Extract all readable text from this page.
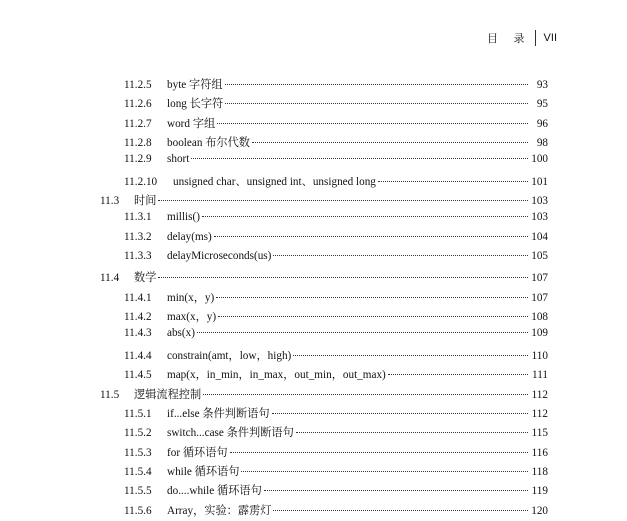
目 录 VII
11.2.5	byte 字符组	93
11.2.6	long 长字符	95
11.2.7	word 字组	96
11.2.8	boolean 布尔代数	98
11.2.9	short	100
11.2.10	unsigned char、unsigned int、unsigned long	101
11.3	时间	103
11.3.1	millis()	103
11.3.2	delay(ms)	104
11.3.3	delayMicroseconds(us)	105
11.4	数学	107
11.4.1	min(x，y)	107
11.4.2	max(x，y)	108
11.4.3	abs(x)	109
11.4.4	constrain(amt，low，high)	110
11.4.5	map(x，in_min，in_max，out_min，out_max)	111
11.5	逻辑流程控制	112
11.5.1	if...else 条件判断语句	112
11.5.2	switch...case 条件判断语句	115
11.5.3	for 循环语句	116
11.5.4	while 循环语句	118
11.5.5	do....while 循环语句	119
11.5.6	Array，实验：霹雳灯	120
